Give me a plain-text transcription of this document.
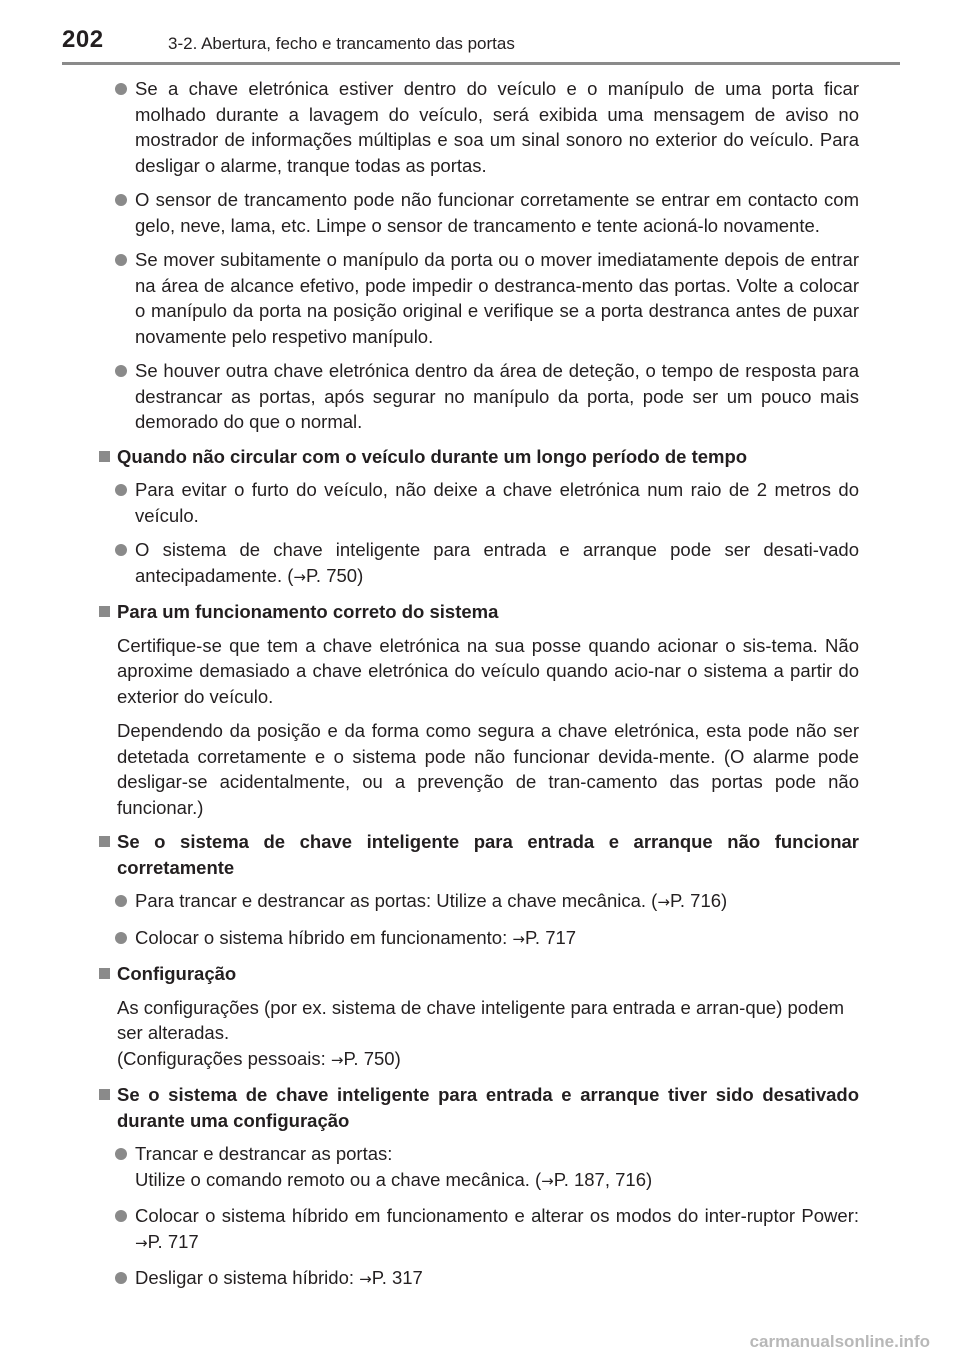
202	3-2. Abertura, fecho e trancamento das portas
Se a chave eletrónica estiver dentro do veículo e o manípulo de uma porta ficar molhado durante a lavagem do veículo, será exibida uma mensagem de aviso no mostrador de informações múltiplas e soa um sinal sonoro no exterior do veículo. Para desligar o alarme, tranque todas as portas.
O sensor de trancamento pode não funcionar corretamente se entrar em contacto com gelo, neve, lama, etc. Limpe o sensor de trancamento e tente acioná-lo novamente.
Se mover subitamente o manípulo da porta ou o mover imediatamente depois de entrar na área de alcance efetivo, pode impedir o destranca-mento das portas. Volte a colocar o manípulo da porta na posição original e verifique se a porta destranca antes de puxar novamente pelo respetivo manípulo.
Se houver outra chave eletrónica dentro da área de deteção, o tempo de resposta para destrancar as portas, após segurar no manípulo da porta, pode ser um pouco mais demorado do que o normal.
Quando não circular com o veículo durante um longo período de tempo
Para evitar o furto do veículo, não deixe a chave eletrónica num raio de 2 metros do veículo.
O sistema de chave inteligente para entrada e arranque pode ser desati-vado antecipadamente. (→P. 750)
Para um funcionamento correto do sistema
Certifique-se que tem a chave eletrónica na sua posse quando acionar o sis-tema. Não aproxime demasiado a chave eletrónica do veículo quando acio-nar o sistema a partir do exterior do veículo.
Dependendo da posição e da forma como segura a chave eletrónica, esta pode não ser detetada corretamente e o sistema pode não funcionar devida-mente. (O alarme pode desligar-se acidentalmente, ou a prevenção de tran-camento das portas pode não funcionar.)
Se o sistema de chave inteligente para entrada e arranque não funcionar corretamente
Para trancar e destrancar as portas: Utilize a chave mecânica. (→P. 716)
Colocar o sistema híbrido em funcionamento: →P. 717
Configuração
As configurações (por ex. sistema de chave inteligente para entrada e arran-que) podem ser alteradas.
(Configurações pessoais: →P. 750)
Se o sistema de chave inteligente para entrada e arranque tiver sido desativado durante uma configuração
Trancar e destrancar as portas:
Utilize o comando remoto ou a chave mecânica. (→P. 187, 716)
Colocar o sistema híbrido em funcionamento e alterar os modos do inter-ruptor Power: →P. 717
Desligar o sistema híbrido: →P. 317
carmanualsonline.info
